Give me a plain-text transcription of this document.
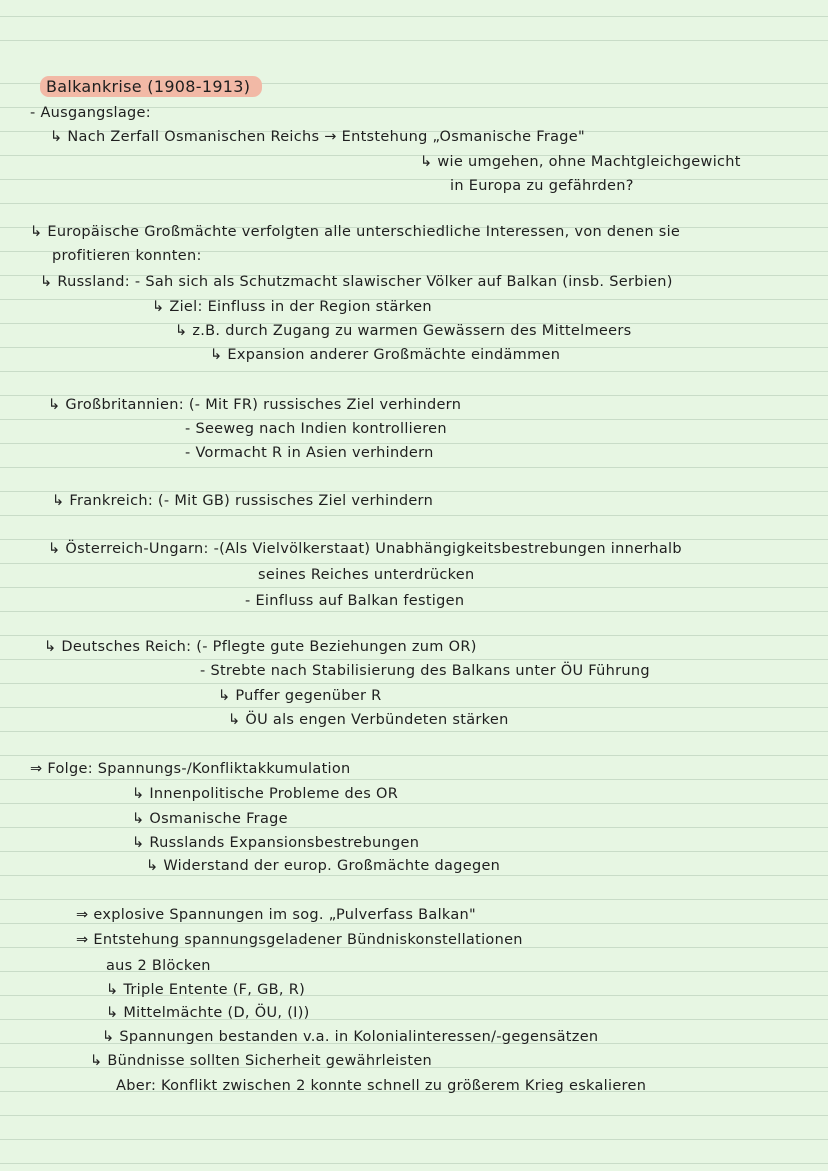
Balkankrise (1908-1913)
- Ausgangslage:
↳ Nach Zerfall Osmanischen Reichs → Entstehung „Osmanische Frage"
↳ wie umgehen, ohne Machtgleichgewicht
in Europa zu gefährden?
↳ Europäische Großmächte verfolgten alle unterschiedliche Interessen, von denen sie
profitieren konnten:
↳ Russland: - Sah sich als Schutzmacht slawischer Völker auf Balkan (insb. Serbien)
↳ Ziel: Einfluss in der Region stärken
↳ z.B. durch Zugang zu warmen Gewässern des Mittelmeers
↳ Expansion anderer Großmächte eindämmen
↳ Großbritannien: (- Mit FR) russisches Ziel verhindern
- Seeweg nach Indien kontrollieren
- Vormacht R in Asien verhindern
↳ Frankreich: (- Mit GB) russisches Ziel verhindern
↳ Österreich-Ungarn: -(Als Vielvölkerstaat) Unabhängigkeitsbestrebungen innerhalb
seines Reiches unterdrücken
- Einfluss auf Balkan festigen
↳ Deutsches Reich: (- Pflegte gute Beziehungen zum OR)
- Strebte nach Stabilisierung des Balkans unter ÖU Führung
↳ Puffer gegenüber R
↳ ÖU als engen Verbündeten stärken
⇒ Folge: Spannungs-/Konfliktakkumulation
↳ Innenpolitische Probleme des OR
↳ Osmanische Frage
↳ Russlands Expansionsbestrebungen
↳ Widerstand der europ. Großmächte dagegen
⇒ explosive Spannungen im sog. „Pulverfass Balkan"
⇒ Entstehung spannungsgeladener Bündniskonstellationen
aus 2 Blöcken
↳ Triple Entente (F, GB, R)
↳ Mittelmächte (D, ÖU, (I))
↳ Spannungen bestanden v.a. in Kolonialinteressen/-gegensätzen
↳ Bündnisse sollten Sicherheit gewährleisten
Aber: Konflikt zwischen 2 konnte schnell zu größerem Krieg eskalieren
